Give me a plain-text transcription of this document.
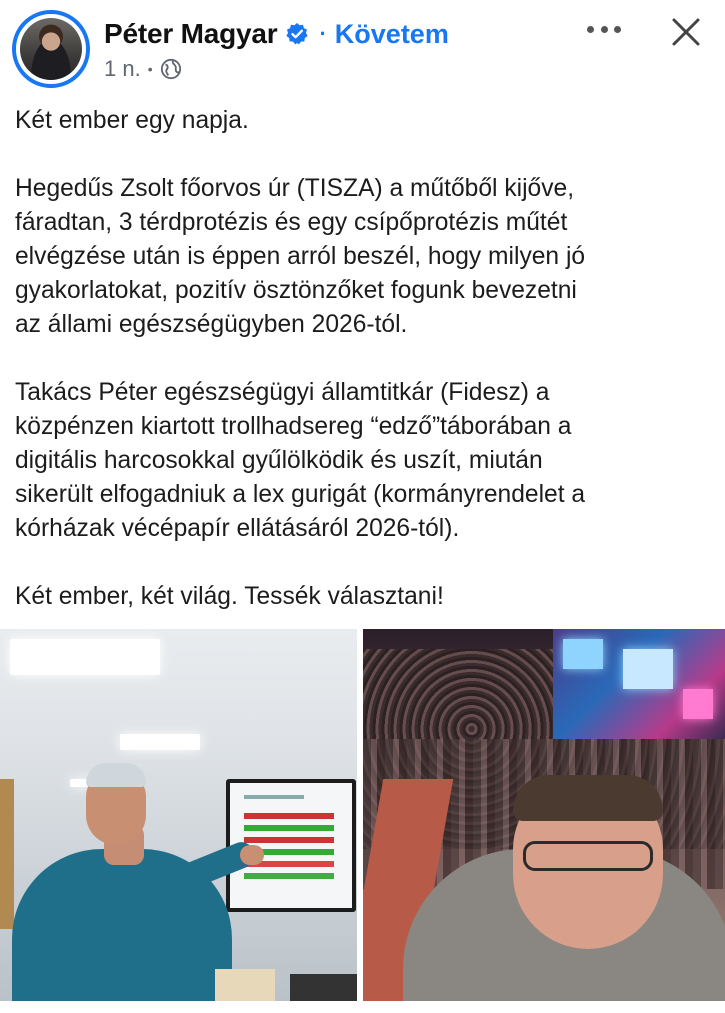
Péter Magyar · Követem
1 n. •

Két ember egy napja.

Hegedűs Zsolt főorvos úr (TISZA) a műtőből kijőve,
fáradtan, 3 térdprotézis és egy csípőprotézis műtét
elvégzése után is éppen arról beszél, hogy milyen jó
gyakorlatokat, pozitív ösztönzőket fogunk bevezetni
az állami egészségügyben 2026-tól.

Takács Péter egészségügyi államtitkár (Fidesz) a
közpénzen kiartott trollhadsereg “edző”táborában a
digitális harcosokkal gyűlölködik és uszít, miután
sikerült elfogadniuk a lex gurigát (kormányrendelet a
kórházak vécépapír ellátásáról 2026-tól).

Két ember, két világ. Tessék választani!
